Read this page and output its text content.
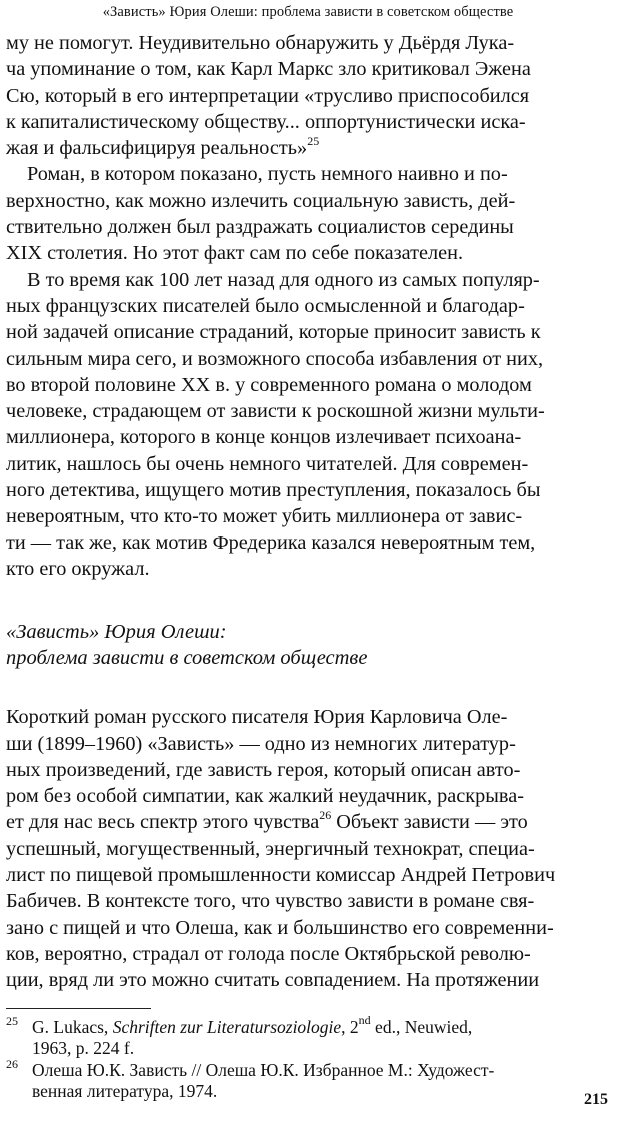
«Зависть» Юрия Олеши: проблема зависти в советском обществе

му не помогут. Неудивительно обнаружить у Дьёрдя Лука-
ча упоминание о том, как Карл Маркс зло критиковал Эжена
Сю, который в его интерпретации «трусливо приспособился
к капиталистическому обществу... оппортунистически иска-
жая и фальсифицируя реальность»$^{25}$

Роман, в котором показано, пусть немного наивно и по-
верхностно, как можно излечить социальную зависть, дей-
ствительно должен был раздражать социалистов середины
XIX столетия. Но этот факт сам по себе показателен.

В то время как 100 лет назад для одного из самых популяр-
ных французских писателей было осмысленной и благодар-
ной задачей описание страданий, которые приносит зависть к
сильным мира сего, и возможного способа избавления от них,
во второй половине XX в. у современного романа о молодом
человеке, страдающем от зависти к роскошной жизни мульти-
миллионера, которого в конце концов излечивает психоана-
литик, нашлось бы очень немного читателей. Для современ-
ного детектива, ищущего мотив преступления, показалось бы
невероятным, что кто-то может убить миллионера от завис-
ти — так же, как мотив Фредерика казался невероятным тем,
кто его окружал.

«Зависть» Юрия Олеши:
проблема зависти в советском обществе

Короткий роман русского писателя Юрия Карловича Оле-
ши (1899–1960) «Зависть» — одно из немногих литератур-
ных произведений, где зависть героя, который описан авто-
ром без особой симпатии, как жалкий неудачник, раскрыва-
ет для нас весь спектр этого чувства$^{26}$ Объект зависти — это
успешный, могущественный, энергичный технократ, специа-
лист по пищевой промышленности комиссар Андрей Петрович
Бабичев. В контексте того, что чувство зависти в романе свя-
зано с пищей и что Олеша, как и большинство его современни-
ков, вероятно, страдал от голода после Октябрьской револю-
ции, вряд ли это можно считать совпадением. На протяжении

25 G. Lukacs, Schriften zur Literatursoziologie, 2nd ed., Neuwied,
1963, p. 224 f.
26 Олеша Ю.К. Зависть // Олеша Ю.К. Избранное М.: Художест-
венная литература, 1974.	215
